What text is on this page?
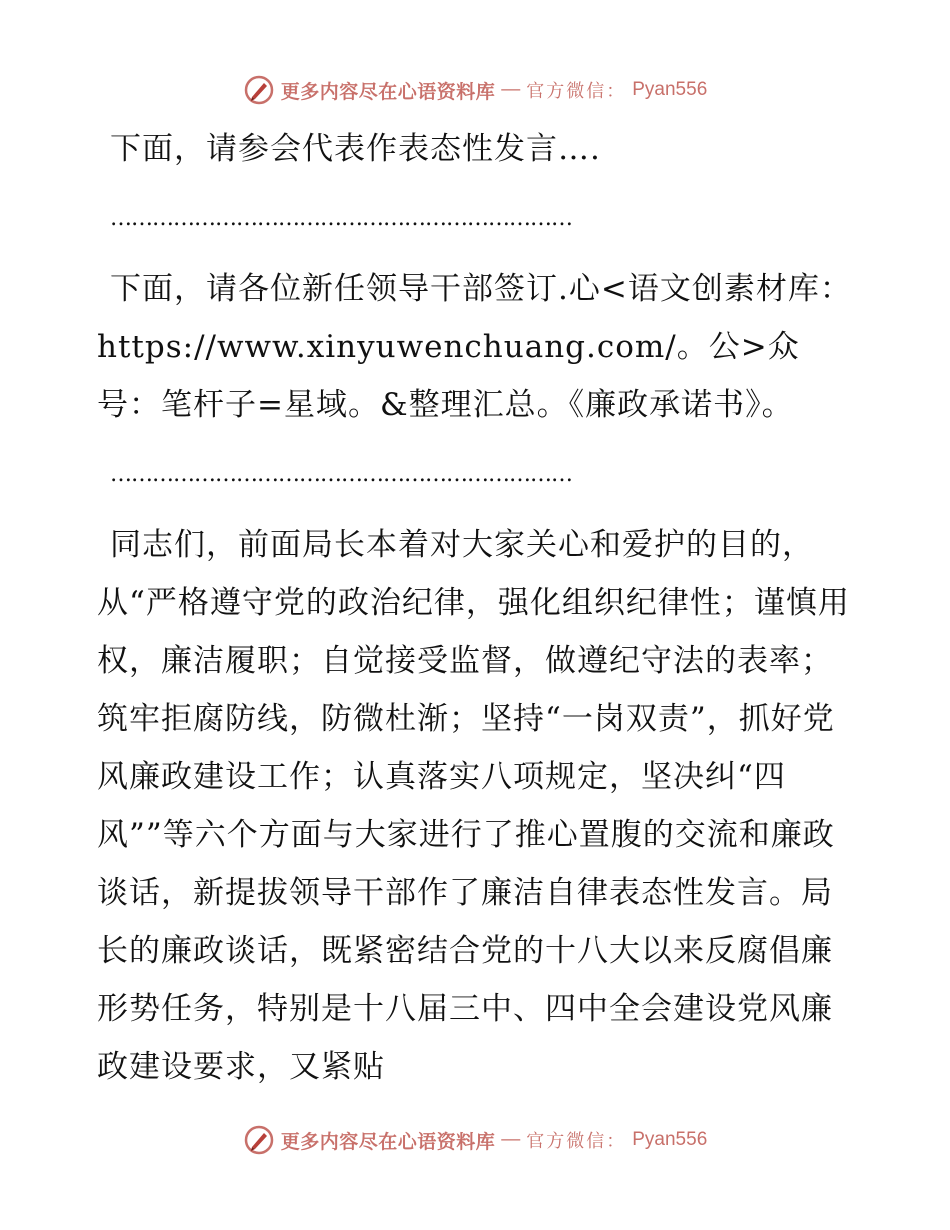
更多内容尽在心语资料库 — 官方微信： Pyan556

下面，请参会代表作表态性发言….

…………………………………………………………

下面，请各位新任领导干部签订.心<语文创素材库：https://www.xinyuwenchuang.com/。公>众号：笔杆子=星域。&整理汇总。《廉政承诺书》。

…………………………………………………………

同志们，前面局长本着对大家关心和爱护的目的，从“严格遵守党的政治纪律，强化组织纪律性；谨慎用权，廉洁履职；自觉接受监督，做遵纪守法的表率；筑牢拒腐防线，防微杜渐；坚持“一岗双责”，抓好党风廉政建设工作；认真落实八项规定，坚决纠“四风””等六个方面与大家进行了推心置腹的交流和廉政谈话，新提拔领导干部作了廉洁自律表态性发言。局长的廉政谈话，既紧密结合党的十八大以来反腐倡廉形势任务，特别是十八届三中、四中全会建设党风廉政建设要求，又紧贴

更多内容尽在心语资料库 — 官方微信： Pyan556
